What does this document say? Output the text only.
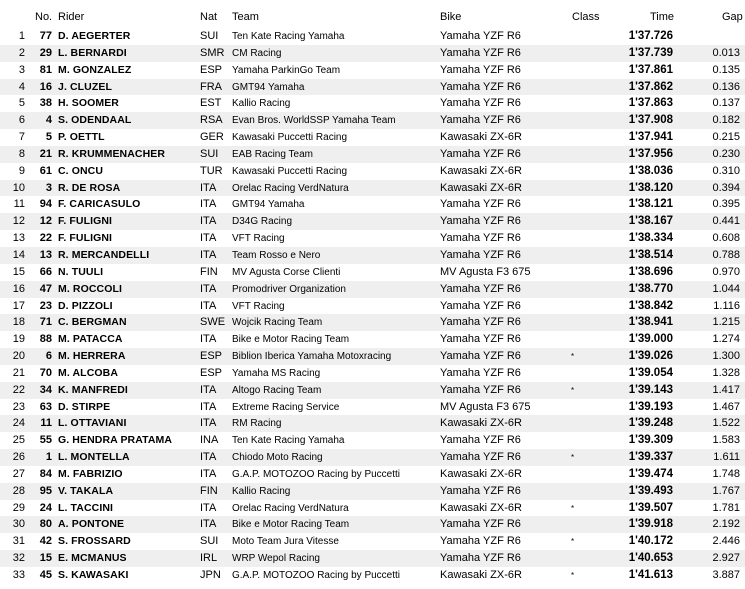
No. Rider	Nat Team	Bike	Class	Time	Gap
1	77 D. AEGERTER	SUI Ten Kate Racing Yamaha	Yamaha YZF R6	1'37.726
2	29 L. BERNARDI	SMR CM Racing	Yamaha YZF R6	1'37.739	0.013
3	81 M. GONZALEZ	ESP Yamaha ParkinGo Team	Yamaha YZF R6	1'37.861	0.135
4	16 J. CLUZEL	FRA GMT94 Yamaha	Yamaha YZF R6	1'37.862	0.136
5	38 H. SOOMER	EST Kallio Racing	Yamaha YZF R6	1'37.863	0.137
6	4 S. ODENDAAL	RSA Evan Bros. WorldSSP Yamaha Team	Yamaha YZF R6	1'37.908	0.182
7	5 P. OETTL	GER Kawasaki Puccetti Racing	Kawasaki ZX-6R	1'37.941	0.215
8	21 R. KRUMMENACHER	SUI EAB Racing Team	Yamaha YZF R6	1'37.956	0.230
9	61 C. ONCU	TUR Kawasaki Puccetti Racing	Kawasaki ZX-6R	1'38.036	0.310
10	3 R. DE ROSA	ITA Orelac Racing VerdNatura	Kawasaki ZX-6R	1'38.120	0.394
11	94 F. CARICASULO	ITA GMT94 Yamaha	Yamaha YZF R6	1'38.121	0.395
12	12 F. FULIGNI	ITA D34G Racing	Yamaha YZF R6	1'38.167	0.441
13	22 F. FULIGNI	ITA VFT Racing	Yamaha YZF R6	1'38.334	0.608
14	13 R. MERCANDELLI	ITA Team Rosso e Nero	Yamaha YZF R6	1'38.514	0.788
15	66 N. TUULI	FIN MV Agusta Corse Clienti	MV Agusta F3 675	1'38.696	0.970
16	47 M. ROCCOLI	ITA Promodriver Organization	Yamaha YZF R6	1'38.770	1.044
17	23 D. PIZZOLI	ITA VFT Racing	Yamaha YZF R6	1'38.842	1.116
18	71 C. BERGMAN	SWE Wojcik Racing Team	Yamaha YZF R6	1'38.941	1.215
19	88 M. PATACCA	ITA Bike e Motor Racing Team	Yamaha YZF R6	1'39.000	1.274
20	6 M. HERRERA	ESP Biblion Iberica Yamaha Motoxracing	Yamaha YZF R6	*	1'39.026	1.300
21	70 M. ALCOBA	ESP Yamaha MS Racing	Yamaha YZF R6	1'39.054	1.328
22	34 K. MANFREDI	ITA Altogo Racing Team	Yamaha YZF R6	*	1'39.143	1.417
23	63 D. STIRPE	ITA Extreme Racing Service	MV Agusta F3 675	1'39.193	1.467
24	11 L. OTTAVIANI	ITA RM Racing	Kawasaki ZX-6R	1'39.248	1.522
25	55 G. HENDRA PRATAMA	INA Ten Kate Racing Yamaha	Yamaha YZF R6	1'39.309	1.583
26	1 L. MONTELLA	ITA Chiodo Moto Racing	Yamaha YZF R6	*	1'39.337	1.611
27	84 M. FABRIZIO	ITA G.A.P. MOTOZOO Racing by Puccetti	Kawasaki ZX-6R	1'39.474	1.748
28	95 V. TAKALA	FIN Kallio Racing	Yamaha YZF R6	1'39.493	1.767
29	24 L. TACCINI	ITA Orelac Racing VerdNatura	Kawasaki ZX-6R	*	1'39.507	1.781
30	80 A. PONTONE	ITA Bike e Motor Racing Team	Yamaha YZF R6	1'39.918	2.192
31	42 S. FROSSARD	SUI Moto Team Jura Vitesse	Yamaha YZF R6	*	1'40.172	2.446
32	15 E. MCMANUS	IRL WRP Wepol Racing	Yamaha YZF R6	1'40.653	2.927
33	45 S. KAWASAKI	JPN G.A.P. MOTOZOO Racing by Puccetti	Kawasaki ZX-6R	*	1'41.613	3.887
